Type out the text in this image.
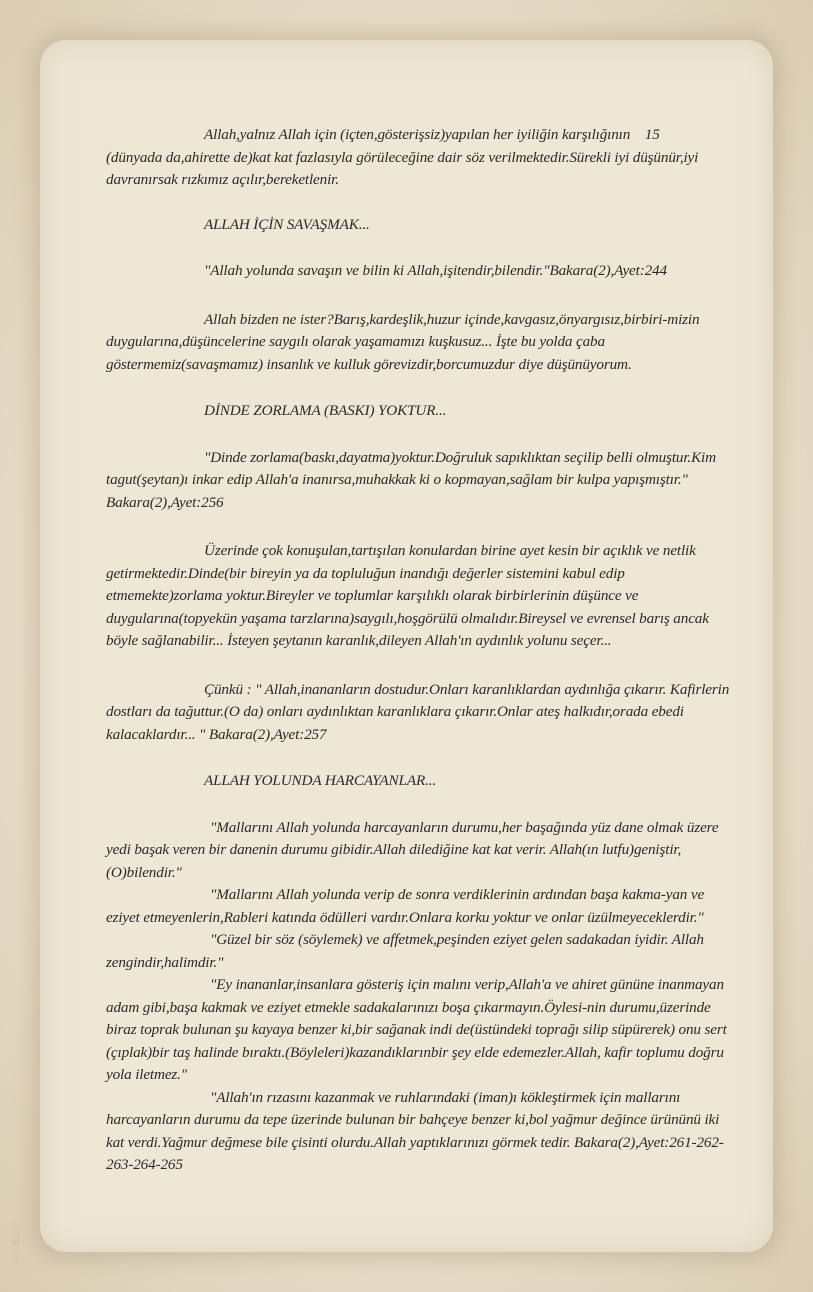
el Bilir

Allah,yalnız Allah için (içten,gösterişsiz)yapılan her iyiliğin karşılığının 15

(dünyada da,ahirette de)kat kat fazlasıyla görüleceğine dair söz verilmektedir.Sürekli iyi düşünür,iyi davranırsak rızkımız açılır,bereketlenir.

ALLAH İÇİN SAVAŞMAK...

"Allah yolunda savaşın ve bilin ki Allah,işitendir,bilendir."Bakara(2),Ayet:244

Allah bizden ne ister?Barış,kardeşlik,huzur içinde,kavgasız,önyargısız,birbiri-mizin duygularına,düşüncelerine saygılı olarak yaşamamızı kuşkusuz... İşte bu yolda çaba göstermemiz(savaşmamız) insanlık ve kulluk görevizdir,borcumuzdur diye düşünüyorum.

DİNDE ZORLAMA (BASKI) YOKTUR...

"Dinde zorlama(baskı,dayatma)yoktur.Doğruluk sapıklıktan seçilip belli olmuştur.Kim tagut(şeytan)ı inkar edip Allah'a inanırsa,muhakkak ki o kopmayan,sağlam bir kulpa yapışmıştır." Bakara(2),Ayet:256

Üzerinde çok konuşulan,tartışılan konulardan birine ayet kesin bir açıklık ve netlik getirmektedir.Dinde(bir bireyin ya da topluluğun inandığı değerler sistemini kabul edip etmemekte)zorlama yoktur.Bireyler ve toplumlar karşılıklı olarak birbirlerinin düşünce ve duygularına(topyekün yaşama tarzlarına)saygılı,hoşgörülü olmalıdır.Bireysel ve evrensel barış ancak böyle sağlanabilir... İsteyen şeytanın karanlık,dileyen Allah'ın aydınlık yolunu seçer...

Çünkü : " Allah,inananların dostudur.Onları karanlıklardan aydınlığa çıkarır. Kafirlerin dostları da tağuttur.(O da) onları aydınlıktan karanlıklara çıkarır.Onlar ateş halkıdır,orada ebedi kalacaklardır... " Bakara(2),Ayet:257

ALLAH YOLUNDA HARCAYANLAR...

"Mallarını Allah yolunda harcayanların durumu,her başağında yüz dane olmak üzere yedi başak veren bir danenin durumu gibidir.Allah dilediğine kat kat verir. Allah(ın lutfu)geniştir,(O)bilendir."

"Mallarını Allah yolunda verip de sonra verdiklerinin ardından başa kakma-yan ve eziyet etmeyenlerin,Rableri katında ödülleri vardır.Onlara korku yoktur ve onlar üzülmeyeceklerdir."

"Güzel bir söz (söylemek) ve affetmek,peşinden eziyet gelen sadakadan iyidir. Allah zengindir,halimdir."

"Ey inananlar,insanlara gösteriş için malını verip,Allah'a ve ahiret gününe inanmayan adam gibi,başa kakmak ve eziyet etmekle sadakalarınızı boşa çıkarmayın.Öylesi-nin durumu,üzerinde biraz toprak bulunan şu kayaya benzer ki,bir sağanak indi de(üstündeki toprağı silip süpürerek) onu sert (çıplak)bir taş halinde bıraktı.(Böyleleri)kazandıklarınbir şey elde edemezler.Allah, kafir toplumu doğru yola iletmez."

"Allah'ın rızasını kazanmak ve ruhlarındaki (iman)ı kökleştirmek için mallarını harcayanların durumu da tepe üzerinde bulunan bir bahçeye benzer ki,bol yağmur değince ürününü iki kat verdi.Yağmur değmese bile çisinti olurdu.Allah yaptıklarınızı görmek tedir. Bakara(2),Ayet:261-262-263-264-265
